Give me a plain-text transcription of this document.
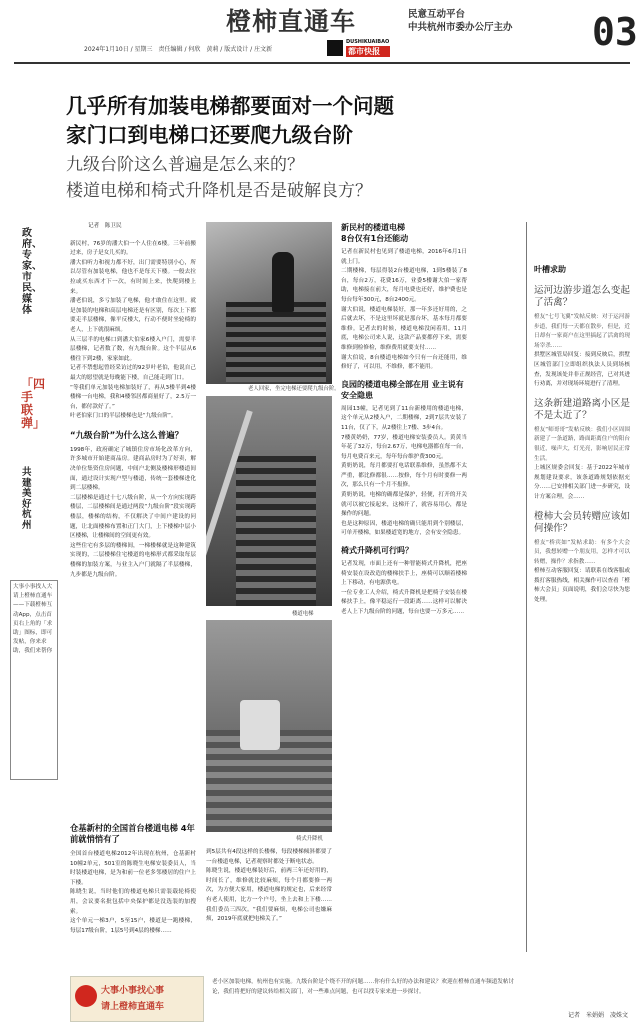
橙柿直通车	民意互动平台
中共杭州市委办公厅主办
2024年1月10日 / 星期三　责任编辑 / 何欣　黄莉 / 版式设计 / 庄文新
DUSHIKUAIBAO
都市快报	03
几乎所有加装电梯都要面对一个问题
家门口到电梯口还要爬九级台阶
九级台阶这么普遍是怎么来的？
楼道电梯和椅式升降机是否是破解良方？
政府、专家、市民、媒体
「四手联弹」
共建美好杭州
大事小事找人大 请上橙柿直通车——下载橙柿互动App，点击首页右上角的「求助」图标，即可发帖，你来求助，我们来帮你
记者　陈卫民

新民村，76岁的潘大伯一个人住在6楼。三年前搬过来，房子是女儿买的。

潘大伯听力和视力都不好，出门需要特别小心，所以尽管有加装电梯，他也不是每天下楼。一般去拉拉或买东西才下一次，有时间上来，快爬到楼上来。

潘老伯说，多亏加装了电梯，他才敢住在这里。就是加装的电梯和高层电梯还是有区别，每次上下都要走半层楼梯，像平反楼大，行动不便时坐轮椅的老人，上下就很麻烦。

从三层半的电梯口到潘大伯家6楼入户门，需要半层楼梯，记者数了数，有九级台阶。这个半层从6楼往下到2楼，家家如此。

记者不禁想起曾经采访过的92岁叶老伯，他说自己最大的愿望就是每晚能下楼，自己能走到门口。

“等我们单元加装电梯加装好了，再从3楼半到4楼楼梯一台电梯，我和4楼邻居都商量好了，2.5万一台，都付款好了。”

叶老伯家门口的半层楼梯也是“九级台阶”。

“九级台阶”为什么这么普遍？

1998年，政府确定了城镇住房市场化改革方向，许多城市开始建商品房。建商品房时为了好卖，解决单位集资住房问题，中间户北侧及楼梯形楼道间面，通过设计实现户型与楼道，传统一套楼梯进化到二层楼梯。

二层楼梯是通过十七八级台阶，从一个方向实现跨楼层，二层楼梯间是通过两段“九级台阶”段实现跨楼层，楼梯的结构，不仅解决了中间户建设的问题，让北面楼梯布置和正门大门，上下楼梯中层小区楼梯，让楼梯间的空间更有效。

这些住宅有多层的楼梯间，一梯楼梯就是这种建筑实现的，二层楼梯住宅楼道的电梯形式都采取每层楼梯的加装方案，与业主入户门就隔了半层楼梯，九步都是九级台阶。

仓基新村的全国首台楼道电梯 4年前就悄悄有了

全国首台楼道电梯2012年出现在杭州，仓基新村10幢2单元，501室的陈晓生电梯安装委员人，当时装楼道电梯，是为和前一位老多邻楼居的住户上下楼。

陈晓生说，当时他们的楼道电梯只需装载轮椅使用，会议要名批包括中央保护都是没选装的加搜索。

这个单元一梯3户，5至15户，楼道是一跑楼梯，每层17级台阶，1层5号到4层的楼梯……

老人回家，坐完电梯还要爬九级台阶。
楼道电梯
椅式升降机

到5层共有4段这样的长楼梯，每段楼梯倾斜都要了一台楼道电梯，记者观察时都处于断电状态。

陈晓生说，楼道电梯装好后，前两三年还好用的，时间长了，维修就比较麻烦，每个月都要修一两次，为方便大家用，楼道电梯的规定也，后来经常有老人使用，比方一个户号，坐上去和上下楼……我们委员三四次。“我们要麻烦，电梯公司也嫌麻烦，2019年底就把电梯关了。”

新民村的楼道电梯
8台仅有1台还能动

记者在新民村也见到了楼道电梯，2016年6月1日就上门。

二期楼梯，每层得装2台楼道电梯，1到5楼装了8台，每台2万，花费16万，业委5楼谢大伯一家帮助，电梯接在前大，每月电费也还好，维护费也是每台每年300元，8台2400元。

谢大伯说，楼道电梯装好，那一年多还好用的，之后就去坏，不是这里坏就是那台坏，基本每月都要维修。记者去的时候，楼道电梯没闲着用，11月底，电梯公司来人说，这款产品要都停下来，需要维修到检修检，维修费用就要支付……

谢大伯说，8台楼道电梯如今只有一台还能用，维修好了，可以用，不维修，都不能用。

良园的楼道电梯全部在用 业主说有安全隐患

周园13幢，记者见到了11台新楼用的楼道电梯，这个单元从2楼入户，二期楼梯，2到7层共安装了11台，仅了下，从2楼往上7楼、3步4台。

7楼黄奶奶，77岁，楼道电梯安装委员人。黄黄当年花了32万，每台2.67万，电梯电器都在每一台，每月电费百来元，每年每台维护费300元。

黄奶奶说，每月都要打电话联系维修，虽然都不太严重，都比修都很……按修，每个月有时要修一两次，那么只有一个月不报修。

黄奶奶说，电梯的确都是保护，轻便，打开的开关就可以被它接起来，这梯开了，就容易用心，都是操作的问题。

也是这种原因，楼道电梯的确只能用到个别楼层，可单开楼梯，如果楼道宽的地方，会有安全隐患。

椅式升降机可行吗？

记者发现，市面上还有一种智能椅式升降机，把座椅安装在设改造的楼梯扶手上，座椅可以顺着楼梯上下移动，有电源供电。

一位专业工人介绍，椅式升降机是把椅子安装在楼梯扶手上，像平稳运行一段距离……这样可以解决老人上下九级台阶的问题，每台也要一万多元……

叶槽求助
运河边游步道怎么变起了活禽？

橙友“七号飞翼”发帖反映：对于运河游步道，我们每一天都在散步，但是，近日却有一家商户在这里搞起了活禽的现场宰杀……

拱墅区城管局回复：接到反映后，拱墅区城管部门立即组织执法人员到场核查，发现该处并非正规经营，已对其进行劝离，并对现场环境进行了清理。

这条新建道路离小区是不是太近了？

橙友“师哥哥”发帖反映：我们小区周围新建了一条道路，路面距离住户的阳台很近，噪声大，灯光亮，影响居民正常生活。

上城区规委会回复：基于2022年城市规划建设要求，该条道路规划依据充分……已安排相关部门进一步研究，设计方案合理，会……

橙柿大会员转赠应该如何操作？

橙友“桥宾如”发帖求助：有多个大会员，我想转赠一个朋友用，怎样才可以转赠，操作？求指教……

橙柿互动客服回复：请联系在线客服或拨打客服热线，相关操作可以查看「橙柿大会员」页面说明，我们会尽快为您处理。

记者　米娟娟　凌姝文
大事小事找心事
请上橙柿直通车
老小区加装电梯，杭州也有实施。九级台阶是个绕不开的问题……你有什么好的办法和建议？欢迎在橙柿直通车频道发帖讨论，我们将把好的建议转给相关部门，对一些难点问题，也可以找专家来进一步探讨。
